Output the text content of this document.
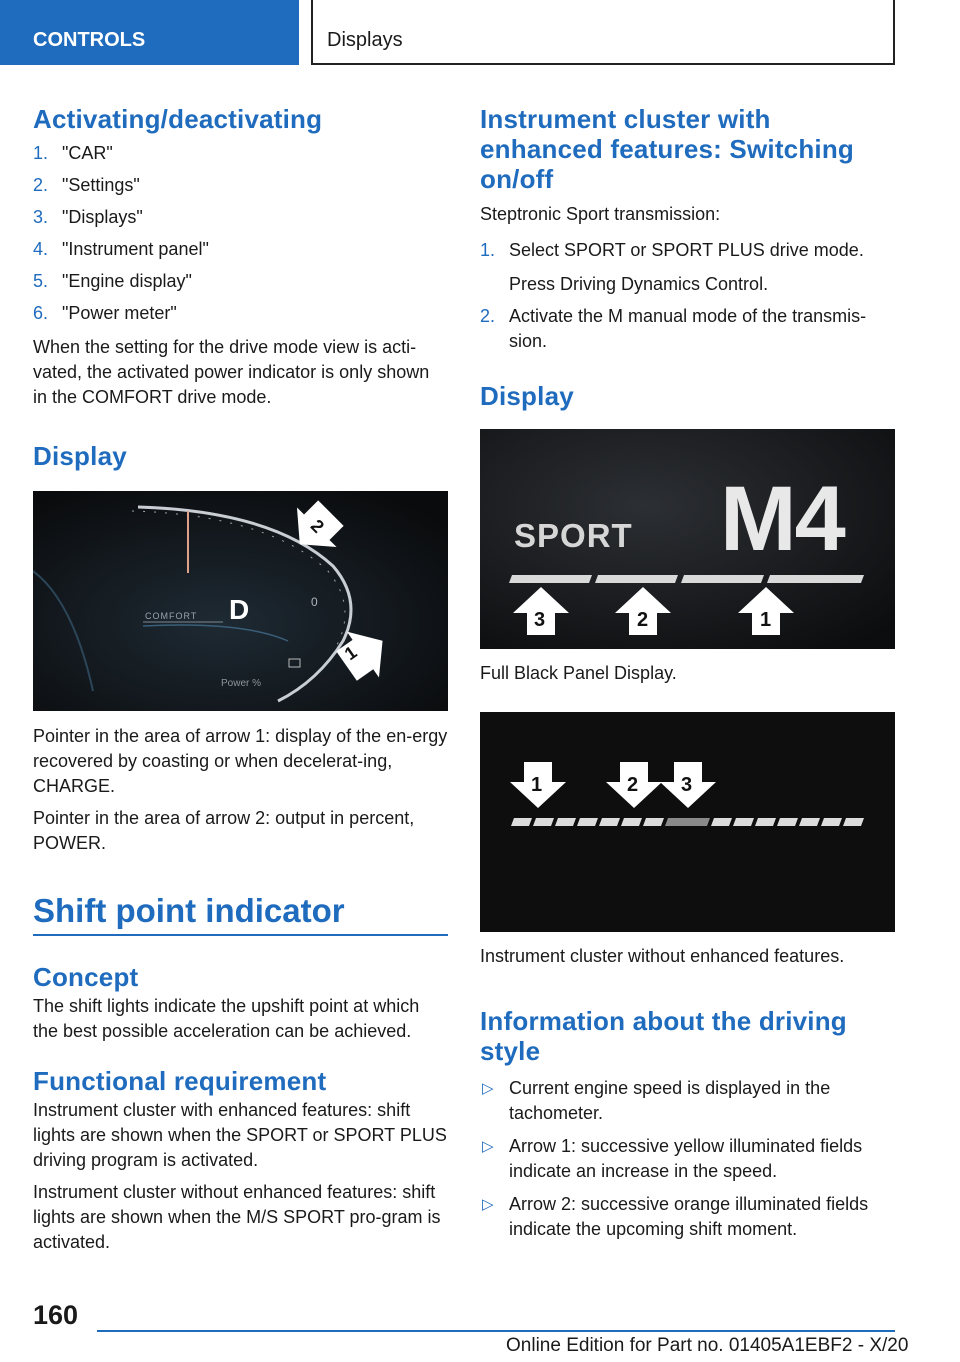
CONTROLS	Displays
Activating/deactivating
1. "CAR"
2. "Settings"
3. "Displays"
4. "Instrument panel"
5. "Engine display"
6. "Power meter"

When the setting for the drive mode view is acti-vated, the activated power indicator is only shown in the COMFORT drive mode.

Display
COMFORT D
Power %
0
2
1

Pointer in the area of arrow 1: display of the en-ergy recovered by coasting or when decelerat-ing, CHARGE.

Pointer in the area of arrow 2: output in percent, POWER.

Shift point indicator
Concept

The shift lights indicate the upshift point at which the best possible acceleration can be achieved.

Functional requirement

Instrument cluster with enhanced features: shift lights are shown when the SPORT or SPORT PLUS driving program is activated.

Instrument cluster without enhanced features: shift lights are shown when the M/S SPORT pro-gram is activated.

Instrument cluster with enhanced features: Switching on/off

Steptronic Sport transmission:

1. Select SPORT or SPORT PLUS drive mode.
Press Driving Dynamics Control.
2. Activate the M manual mode of the transmis-sion.
Display
SPORT M4
3	2	1

Full Black Panel Display.

1	2 3

Instrument cluster without enhanced features.

Information about the driving style
▷ Current engine speed is displayed in the tachometer.
▷ Arrow 1: successive yellow illuminated fields indicate an increase in the speed.
▷ Arrow 2: successive orange illuminated fields indicate the upcoming shift moment.
160
Online Edition for Part no. 01405A1EBF2 - X/20
